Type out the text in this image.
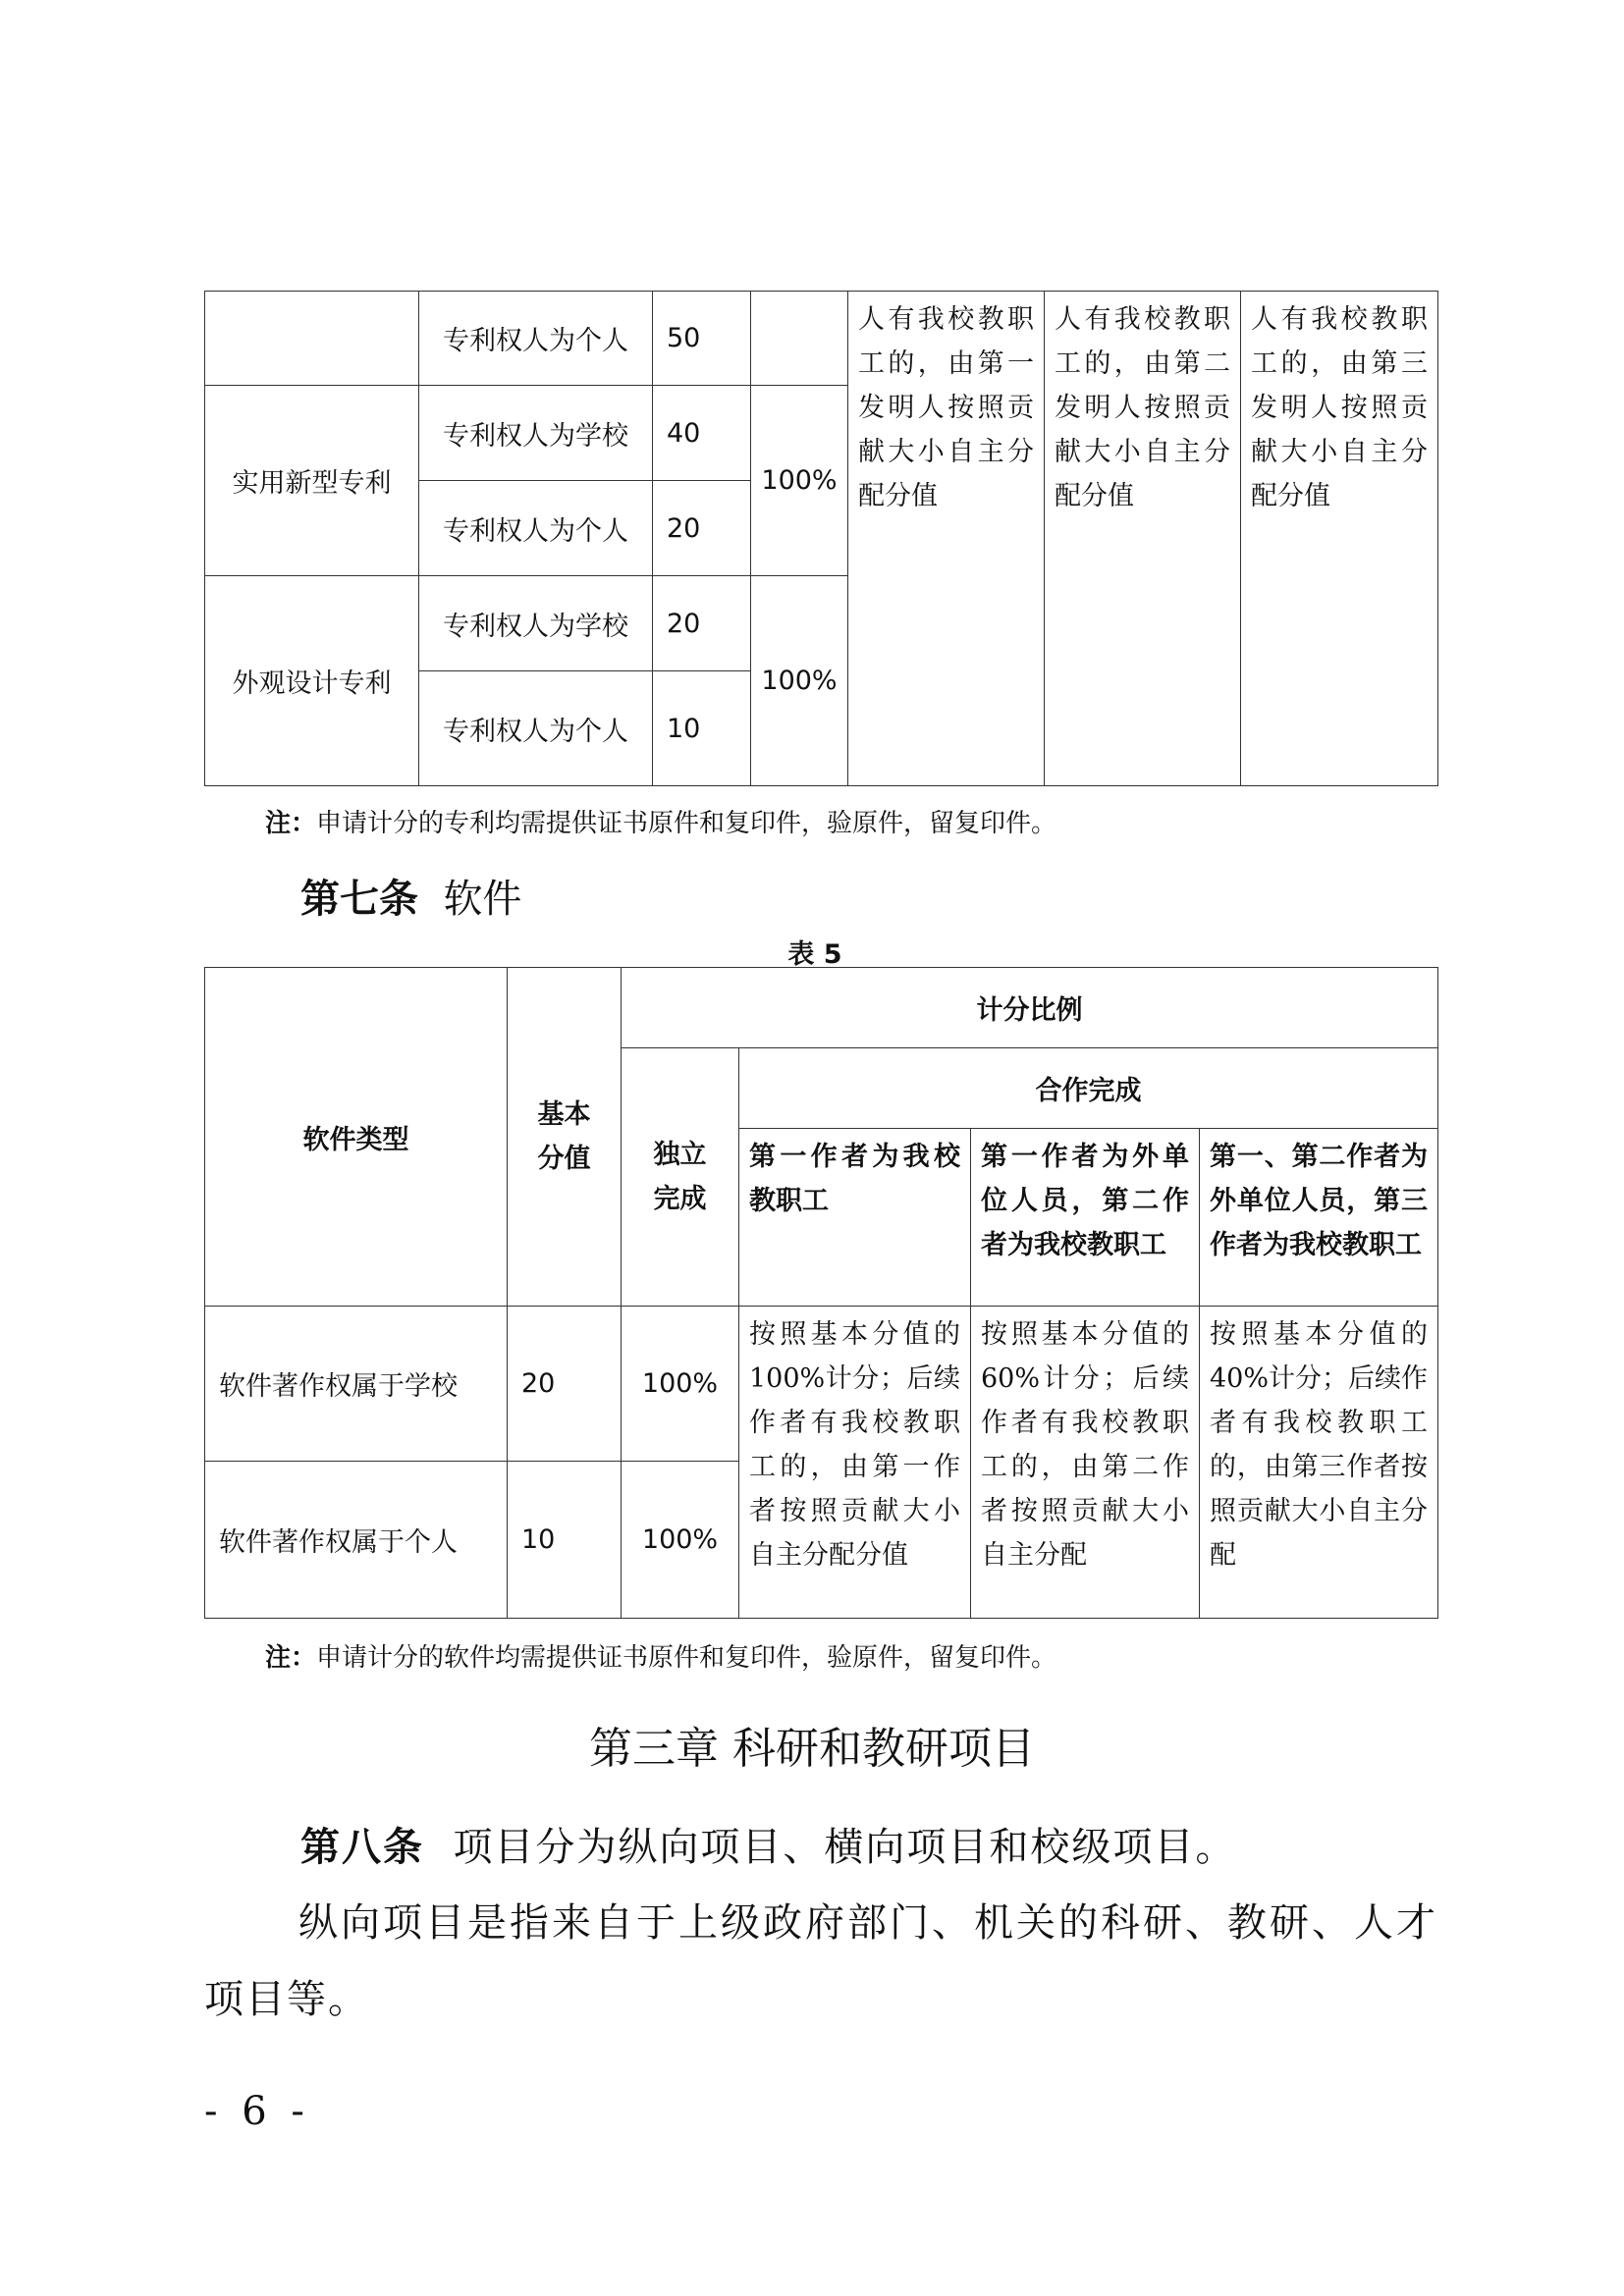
	专利权人为个人	50		人有我校教职工的，由第一发明人按照贡献大小自主分配分值	人有我校教职工的，由第二发明人按照贡献大小自主分配分值	人有我校教职工的，由第三发明人按照贡献大小自主分配分值
实用新型专利	专利权人为学校	40	100%			
	专利权人为个人	20				
外观设计专利	专利权人为学校	20	100%			
	专利权人为个人	10				
注：申请计分的专利均需提供证书原件和复印件，验原件，留复印件。
第七条 软件
表 5
软件类型	基本分值	计分比例			
		独立完成	合作完成		
			第一作者为我校教职工	第一作者为外单位人员，第二作者为我校教职工	第一、第二作者为外单位人员，第三作者为我校教职工
软件著作权属于学校	20	100%	按照基本分值的 100%计分；后续作者有我校教职工的，由第一作者按照贡献大小自主分配分值	按照基本分值的 60%计分；后续作者有我校教职工的，由第二作者按照贡献大小自主分配	按照基本分值的 40%计分；后续作者有我校教职工的，由第三作者按照贡献大小自主分配
软件著作权属于个人	10	100%			
注：申请计分的软件均需提供证书原件和复印件，验原件，留复印件。
第三章 科研和教研项目
第八条 项目分为纵向项目、横向项目和校级项目。
纵向项目是指来自于上级政府部门、机关的科研、教研、人才项目等。
- 6 -
